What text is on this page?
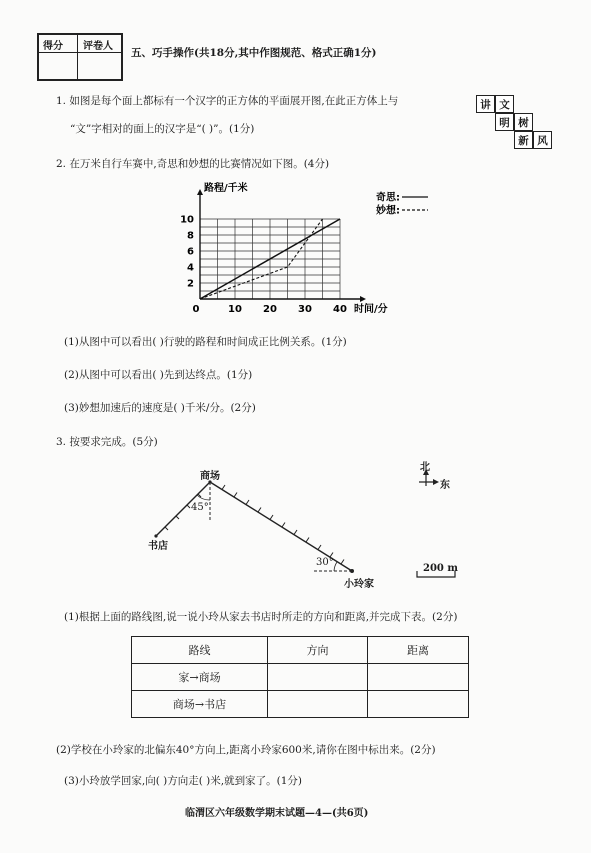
得分 评卷人
五、巧手操作(共18分,其中作图规范、格式正确1分)
1. 如图是每个面上都标有一个汉字的正方体的平面展开图,在此正方体上与
“文”字相对的面上的汉字是“( )”。(1分)
讲 文
明 树
新 风
2. 在万米自行车赛中,奇思和妙想的比赛情况如下图。(4分)
10 20 30 40
2
4
6
8
10
0
路程/千米
时间/分
奇思:
妙想:
(1)从图中可以看出( )行驶的路程和时间成正比例关系。(1分)
(2)从图中可以看出( )先到达终点。(1分)
(3)妙想加速后的速度是( )千米/分。(2分)
3. 按要求完成。(5分)
商场
书店
小玲家
45°
30°
北
东
200 m
(1)根据上面的路线图,说一说小玲从家去书店时所走的方向和距离,并完成下表。(2分)
路线	方向	距离
家→商场		
商场→书店		
(2)学校在小玲家的北偏东40°方向上,距离小玲家600米,请你在图中标出来。(2分)
(3)小玲放学回家,向( )方向走( )米,就到家了。(1分)
临渭区六年级数学期末试题—4—(共6页)
